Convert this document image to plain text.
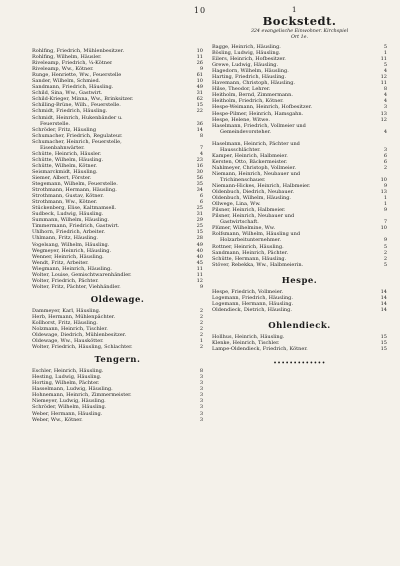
10	1
Rohlfing, Friedrich, Mühlenbesitzer.	10
Rohlfing, Wilhelm, Häusler.	11
Riveleamp, Friedrich, ¼-Kötner	26
Riveleamp, Ww., Kötner.	9
Runge, Henriette, Ww., Feuerstelle	61
Sander, Wilhelm, Schmied.	10
Sandmann, Friedrich, Häusling.	49
Schild, Sina, Ww., Gastwirt.	31
Schild-Krieger, Minna, Ww., Brinksitzer.	62
Schilling-Brüne, Wilh., Feuerstelle.	15
Schmidt, Friedrich, Häusling.	22
Schmidt, Heinrich, Hukenbänder u.
Feuerstelle.	36
Schröder, Fritz, Häusling	14
Schumacher, Friedrich, Regulateur.	8
Schumacher, Heinrich, Feuerstelle,
Eisenbahnwärter.	7
Schütte, Heinrich, Häusler.	4
Schütte, Wilhelm, Häusling.	23
Schütte, Wilhelm, Kötner.	16
Seismarckmidt, Häusling.	30
Siemer, Albert, Förster.	56
Stegemann, Wilhelm, Feuerstelle.	35
Strothmann, Hermann, Häusling.	34
Strothmann, Gustav, Kötner.	6
Strothmann, Ww., Kötner.	6
Stückenberg, Elise, Kaltmamsell.	25
Sudbeck, Ludwig, Häusling.	31
Summann, Wilhelm, Häusling.	29
Timmermann, Friedrich, Gastwirt.	25
Uhlhorn, Friedrich, Arbeiter.	15
Uhlmann, Fritz, Häusling.	28
Vogelsang, Wilhelm, Häusling.	49
Wegmeyer, Heinrich, Häusling.	40
Wenner, Heinrich, Häusling.	40
Wendt, Fritz, Arbeiter.	45
Wiegmann, Heinrich, Häusling.	11
Wolter, Louise, Gemischtwarenhändler.	11
Wolter, Friedrich, Pächter.	12
Wolter, Fritz, Pächter, Viehhändler.	9
Oldewage.
Dammeyer, Karl, Häusling.	2
Herb, Hermann, Mühlenpächter.	2
Kollhorst, Fritz, Häusling.	2
Nolzmann, Heinrich, Tischler.	2
Oldewage, Diedrich, Mühlenbesitzer.	2
Oldewage, Ww., Hauskötter.	1
Wolter, Friedrich, Häusling, Schlachter.	2
Tengern.
Eschler, Heinrich, Häusling.	8
Hesting, Ludwig, Häusling.	3
Horting, Wilhelm, Pächter.	3
Hasselmann, Ludwig, Häusling.	3
Hohnemann, Heinrich, Zimmermeister.	3
Niemeyer, Ludwig, Häusling.	3
Schröder, Wilhelm, Häusling.	3
Weber, Hermann, Häusling.	3
Weber, Ww., Kötner.	3
Bockstedt.
324 evangelische Einwohner. Kirchspiel
Ort 1e.
Bagge, Heinrich, Häusling.	5
Bösling, Ludwig, Häusling.	1
Eilers, Heinrich, Hofbesitzer.	11
Grewe, Ludwig, Häusling.	5
Hagedorn, Wilhelm, Häusling.	4
Harting, Friedrich, Häusling.	12
Havemann, Christoph, Häusling.	11
Hilse, Theodor, Lehrer.	8
Heitholm, Bernd, Zimmermann.	4
Heitholm, Friedrich, Kötner.	4
Hespe-Weimann, Heinrich, Hofbesitzer.	3
Hespe-Pilmer, Heinrich, Hamsgahn.	13
Hespe, Helene, Witwe.	12
Haselmann, Friedrich, Vollmeier und
Gemeindevorsteher.	4
Haselmann, Heinrich, Pächter und
Hausschlächter.	3
Kamper, Heinrich, Halbmeier.	6
Kersten, Otto, Bäckermeister.	6
Nahlmeyer, Christoph, Vollmeier.	2
Niemann, Heinrich, Neubauer und
Trichinenschauer.	10
Niemann-Hickes, Heinrich, Halbmeier.	9
Oldenbuch, Diedrich, Neubauer.	13
Oldenbuch, Wilhelm, Häusling.	1
Ollwege, Lina, Ww.	1
Pilsner, Heinrich, Halbmeier.	9
Pilsner, Heinrich, Neubauer und
Gastwirtschaft.	7
Plümer, Wilhelmine, Ww.	10
Rolfsmann, Wilhelm, Häusling und
Holzarbeitunternehmer.	9
Rottner, Heinrich, Häusling.	5
Sandmann, Heinrich, Pächter.	2
Schütte, Hermann, Häusling.	2
Stöver, Rebekka, Ww., Halbmeierin.	5
Hespe.
Hespe, Friedrich, Vollmeier.	14
Logemann, Friedrich, Häusling.	14
Logemann, Hermann, Häusling.	14
Oldendieck, Dietrich, Häusling.	14
Ohlendieck.
Hollhus, Heinrich, Häusling.	15
Klenke, Heinrich, Tischler.	15
Lampe-Oldendieck, Friedrich, Kötner.	15
•••••••••••••
